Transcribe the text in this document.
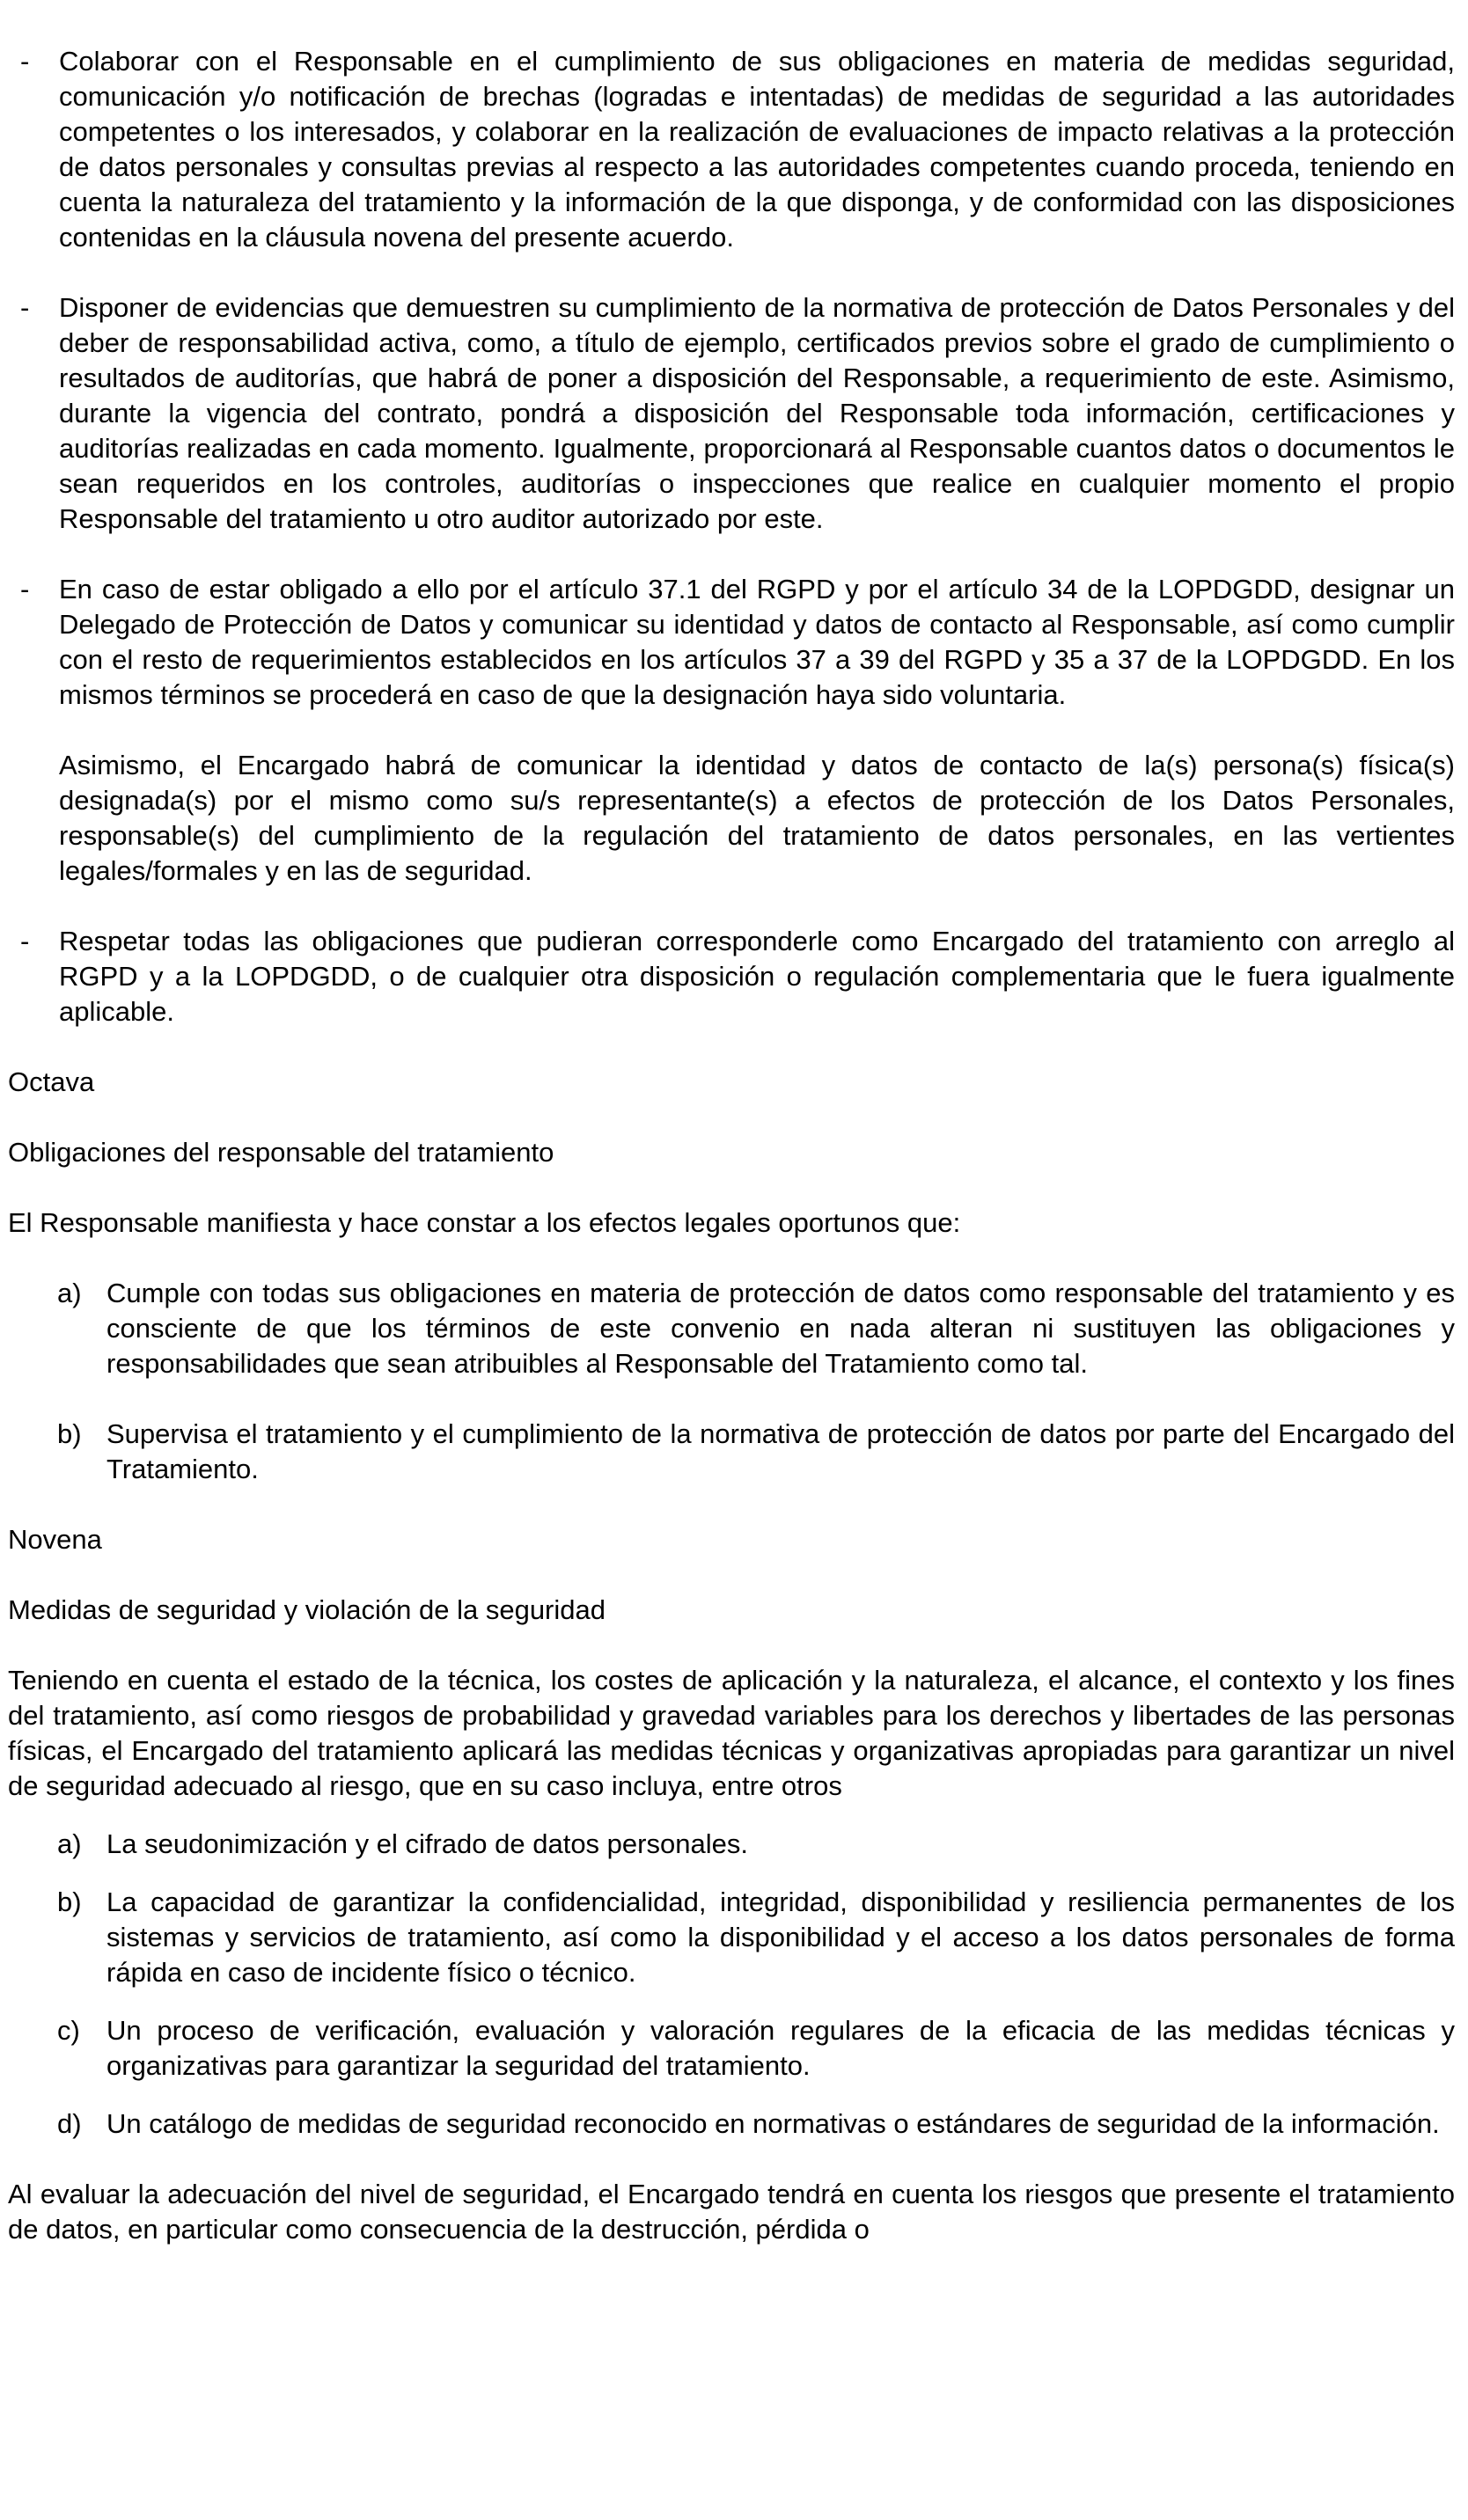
-	Colaborar con el Responsable en el cumplimiento de sus obligaciones en materia de medidas seguridad, comunicación y/o notificación de brechas (logradas e intentadas) de medidas de seguridad a las autoridades competentes o los interesados, y colaborar en la realización de evaluaciones de impacto relativas a la protección de datos personales y consultas previas al respecto a las autoridades competentes cuando proceda, teniendo en cuenta la naturaleza del tratamiento y la información de la que disponga, y de conformidad con las disposiciones contenidas en la cláusula novena del presente acuerdo.
-	Disponer de evidencias que demuestren su cumplimiento de la normativa de protección de Datos Personales y del deber de responsabilidad activa, como, a título de ejemplo, certificados previos sobre el grado de cumplimiento o resultados de auditorías, que habrá de poner a disposición del Responsable, a requerimiento de este. Asimismo, durante la vigencia del contrato, pondrá a disposición del Responsable toda información, certificaciones y auditorías realizadas en cada momento. Igualmente, proporcionará al Responsable cuantos datos o documentos le sean requeridos en los controles, auditorías o inspecciones que realice en cualquier momento el propio Responsable del tratamiento u otro auditor autorizado por este.
-	En caso de estar obligado a ello por el artículo 37.1 del RGPD y por el artículo 34 de la LOPDGDD, designar un Delegado de Protección de Datos y comunicar su identidad y datos de contacto al Responsable, así como cumplir con el resto de requerimientos establecidos en los artículos 37 a 39 del RGPD y 35 a 37 de la LOPDGDD. En los mismos términos se procederá en caso de que la designación haya sido voluntaria.
Asimismo, el Encargado habrá de comunicar la identidad y datos de contacto de la(s) persona(s) física(s) designada(s) por el mismo como su/s representante(s) a efectos de protección de los Datos Personales, responsable(s) del cumplimiento de la regulación del tratamiento de datos personales, en las vertientes legales/formales y en las de seguridad.
-	Respetar todas las obligaciones que pudieran corresponderle como Encargado del tratamiento con arreglo al RGPD y a la LOPDGDD, o de cualquier otra disposición o regulación complementaria que le fuera igualmente aplicable.
Octava
Obligaciones del responsable del tratamiento
El Responsable manifiesta y hace constar a los efectos legales oportunos que:
a) Cumple con todas sus obligaciones en materia de protección de datos como responsable del tratamiento y es consciente de que los términos de este convenio en nada alteran ni sustituyen las obligaciones y responsabilidades que sean atribuibles al Responsable del Tratamiento como tal.
b) Supervisa el tratamiento y el cumplimiento de la normativa de protección de datos por parte del Encargado del Tratamiento.
Novena
Medidas de seguridad y violación de la seguridad
Teniendo en cuenta el estado de la técnica, los costes de aplicación y la naturaleza, el alcance, el contexto y los fines del tratamiento, así como riesgos de probabilidad y gravedad variables para los derechos y libertades de las personas físicas, el Encargado del tratamiento aplicará las medidas técnicas y organizativas apropiadas para garantizar un nivel de seguridad adecuado al riesgo, que en su caso incluya, entre otros
a) La seudonimización y el cifrado de datos personales.
b) La capacidad de garantizar la confidencialidad, integridad, disponibilidad y resiliencia permanentes de los sistemas y servicios de tratamiento, así como la disponibilidad y el acceso a los datos personales de forma rápida en caso de incidente físico o técnico.
c) Un proceso de verificación, evaluación y valoración regulares de la eficacia de las medidas técnicas y organizativas para garantizar la seguridad del tratamiento.
d) Un catálogo de medidas de seguridad reconocido en normativas o estándares de seguridad de la información.
Al evaluar la adecuación del nivel de seguridad, el Encargado tendrá en cuenta los riesgos que presente el tratamiento de datos, en particular como consecuencia de la destrucción, pérdida o
